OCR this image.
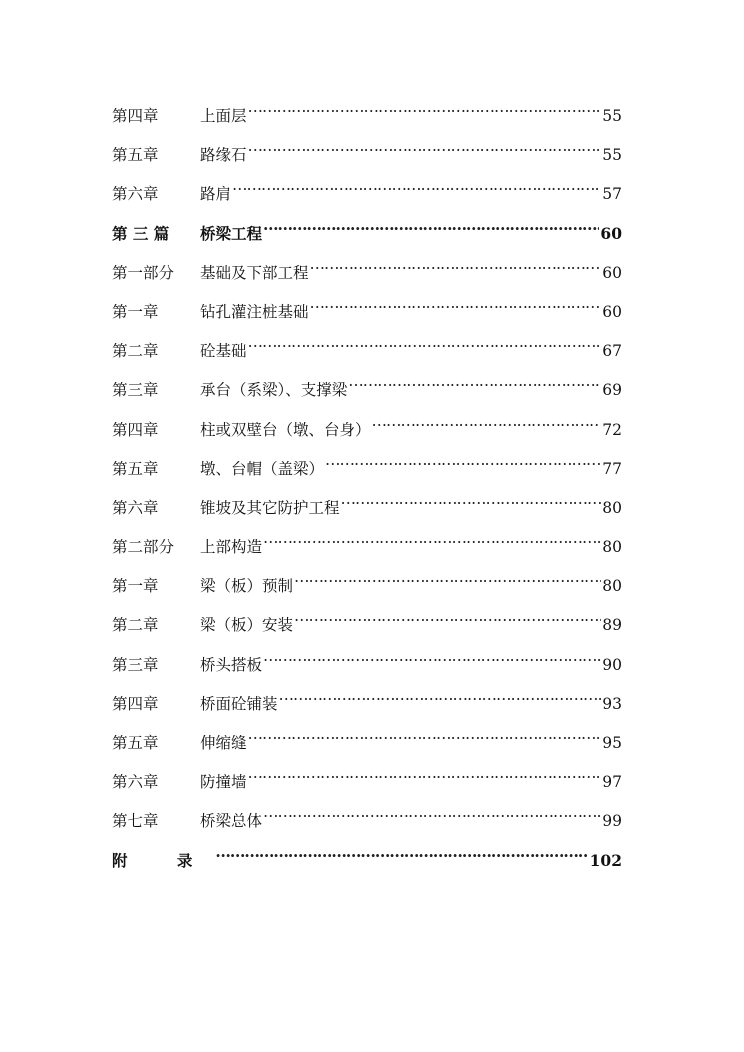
第四章	上面层 ……………………………………………………………………………………………………………………………………………………	55
第五章	路缘石 ……………………………………………………………………………………………………………………………………………………	55
第六章	路肩 ……………………………………………………………………………………………………………………………………………………	57
第 三 篇	桥梁工程 ……………………………………………………………………………………………………………………………………………………	60
第一部分	基础及下部工程 ……………………………………………………………………………………………………………………………………………………	60
第一章	钻孔灌注桩基础 ……………………………………………………………………………………………………………………………………………………	60
第二章	砼基础 ……………………………………………………………………………………………………………………………………………………	67
第三章	承台（系梁）、支撑梁 ……………………………………………………………………………………………………………………………………………………	69
第四章	柱或双壁台（墩、台身） ……………………………………………………………………………………………………………………………………………………	72
第五章	墩、台帽（盖梁） ……………………………………………………………………………………………………………………………………………………	77
第六章	锥坡及其它防护工程 ……………………………………………………………………………………………………………………………………………………	80
第二部分	上部构造 ……………………………………………………………………………………………………………………………………………………	80
第一章	梁（板）预制 ……………………………………………………………………………………………………………………………………………………	80
第二章	梁（板）安装 ……………………………………………………………………………………………………………………………………………………	89
第三章	桥头搭板 ……………………………………………………………………………………………………………………………………………………	90
第四章	桥面砼铺装 ……………………………………………………………………………………………………………………………………………………	93
第五章	伸缩缝 ……………………………………………………………………………………………………………………………………………………	95
第六章	防撞墙 ……………………………………………………………………………………………………………………………………………………	97
第七章	桥梁总体 ……………………………………………………………………………………………………………………………………………………	99
附 录 ……………………………………………………………………………………………………………………………………………………	102
